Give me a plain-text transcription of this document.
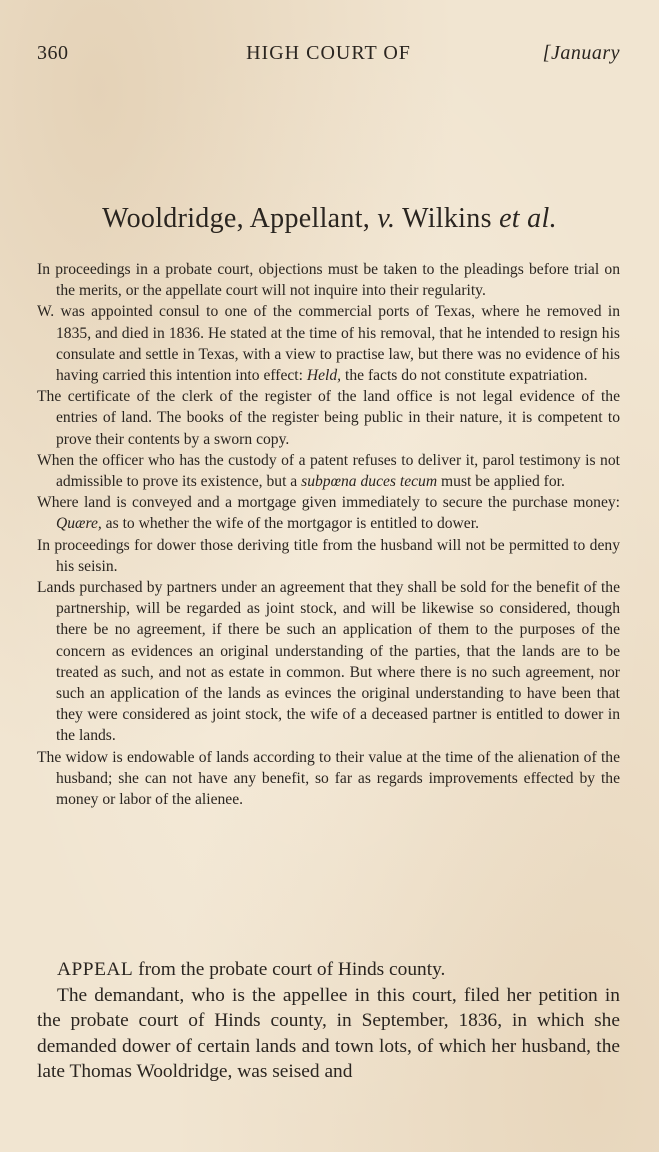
360	HIGH COURT OF	[January
Wooldridge, Appellant, v. Wilkins et al.

In proceedings in a probate court, objections must be taken to the pleadings before trial on the merits, or the appellate court will not inquire into their regularity.

W. was appointed consul to one of the commercial ports of Texas, where he removed in 1835, and died in 1836. He stated at the time of his removal, that he intended to resign his consulate and settle in Texas, with a view to practise law, but there was no evidence of his having carried this intention into effect: Held, the facts do not constitute expatriation.

The certificate of the clerk of the register of the land office is not legal evidence of the entries of land. The books of the register being public in their nature, it is competent to prove their contents by a sworn copy.

When the officer who has the custody of a patent refuses to deliver it, parol testimony is not admissible to prove its existence, but a subpœna duces tecum must be applied for.

Where land is conveyed and a mortgage given immediately to secure the purchase money: Quære, as to whether the wife of the mortgagor is entitled to dower.

In proceedings for dower those deriving title from the husband will not be permitted to deny his seisin.

Lands purchased by partners under an agreement that they shall be sold for the benefit of the partnership, will be regarded as joint stock, and will be likewise so considered, though there be no agreement, if there be such an application of them to the purposes of the concern as evidences an original understanding of the parties, that the lands are to be treated as such, and not as estate in common. But where there is no such agreement, nor such an application of the lands as evinces the original understanding to have been that they were considered as joint stock, the wife of a deceased partner is entitled to dower in the lands.

The widow is endowable of lands according to their value at the time of the alienation of the husband; she can not have any benefit, so far as regards improvements effected by the money or labor of the alienee.

APPEAL from the probate court of Hinds county.

The demandant, who is the appellee in this court, filed her petition in the probate court of Hinds county, in September, 1836, in which she demanded dower of certain lands and town lots, of which her husband, the late Thomas Wooldridge, was seised and
